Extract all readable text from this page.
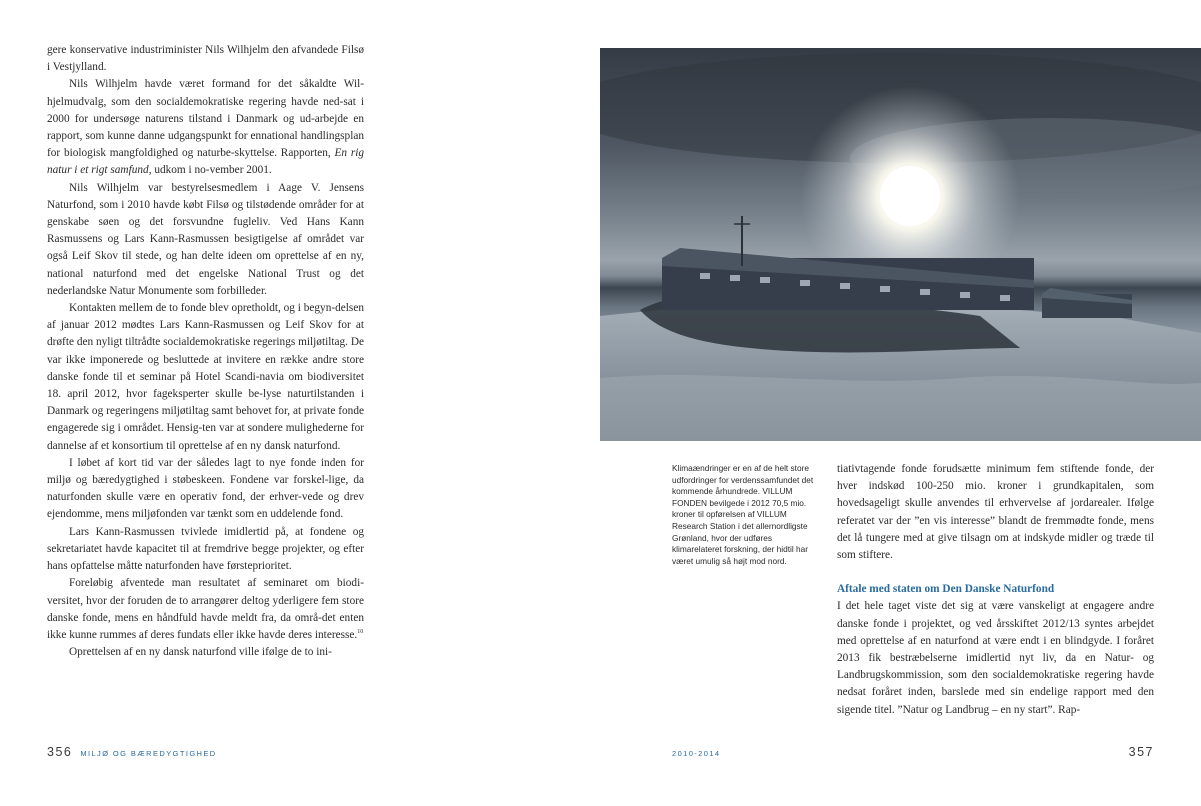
gere konservative industriminister Nils Wilhjelm den afvandede Filsø i Vestjylland.

Nils Wilhjelm havde været formand for det såkaldte Wil-hjelmudvalg, som den socialdemokratiske regering havde ned-sat i 2000 for undersøge naturens tilstand i Danmark og ud-arbejde en rapport, som kunne danne udgangspunkt for ennational handlingsplan for biologisk mangfoldighed og naturbe-skyttelse. Rapporten, En rig natur i et rigt samfund, udkom i no-vember 2001.

Nils Wilhjelm var bestyrelsesmedlem i Aage V. Jensens Naturfond, som i 2010 havde købt Filsø og tilstødende områder for at genskabe søen og det forsvundne fugleliv. Ved Hans Kann Rasmussens og Lars Kann-Rasmussen besigtigelse af området var også Leif Skov til stede, og han delte ideen om oprettelse af en ny, national naturfond med det engelske National Trust og det nederlandske Natur Monumente som forbilleder.

Kontakten mellem de to fonde blev opretholdt, og i begyn-delsen af januar 2012 mødtes Lars Kann-Rasmussen og Leif Skov for at drøfte den nyligt tiltrådte socialdemokratiske regerings miljøtiltag. De var ikke imponerede og besluttede at invitere en række andre store danske fonde til et seminar på Hotel Scandi-navia om biodiversitet 18. april 2012, hvor fageksperter skulle be-lyse naturtilstanden i Danmark og regeringens miljøtiltag samt behovet for, at private fonde engagerede sig i området. Hensig-ten var at sondere mulighederne for dannelse af et konsortium til oprettelse af en ny dansk naturfond.

I løbet af kort tid var der således lagt to nye fonde inden for miljø og bæredygtighed i støbeskeen. Fondene var forskel-lige, da naturfonden skulle være en operativ fond, der erhver-vede og drev ejendomme, mens miljøfonden var tænkt som en uddelende fond.

Lars Kann-Rasmussen tvivlede imidlertid på, at fondene og sekretariatet havde kapacitet til at fremdrive begge projekter, og efter hans opfattelse måtte naturfonden have førsteprioritet.

Foreløbig afventede man resultatet af seminaret om biodi-versitet, hvor der foruden de to arrangører deltog yderligere fem store danske fonde, mens en håndfuld havde meldt fra, da områ-det enten ikke kunne rummes af deres fundats eller ikke havde deres interesse.$^{10}$

Oprettelsen af en ny dansk naturfond ville ifølge de to ini-

Klimaændringer er en af de helt store udfordringer for verdenssamfundet det kommende århundrede. VILLUM FONDEN bevilgede i 2012 70,5 mio. kroner til opførelsen af VILLUM Research Station i det allernordligste Grønland, hvor der udføres klimarelateret forskning, der hidtil har været umulig så højt mod nord.

tiativtagende fonde forudsætte minimum fem stiftende fonde, der hver indskød 100-250 mio. kroner i grundkapitalen, som hovedsageligt skulle anvendes til erhvervelse af jordarealer. Ifølge referatet var der ”en vis interesse” blandt de fremmødte fonde, mens det lå tungere med at give tilsagn om at indskyde midler og træde til som stiftere.

Aftale med staten om Den Danske Naturfond

I det hele taget viste det sig at være vanskeligt at engagere andre danske fonde i projektet, og ved årsskiftet 2012/13 syntes arbejdet med oprettelse af en naturfond at være endt i en blindgyde. I foråret 2013 fik bestræbelserne imidlertid nyt liv, da en Natur- og Landbrugskommission, som den socialdemokratiske regering havde nedsat foråret inden, barslede med sin endelige rapport med den sigende titel. ”Natur og Landbrug – en ny start”. Rap-

356 MILJØ OG BÆREDYGTIGHED	2010-2014	357
